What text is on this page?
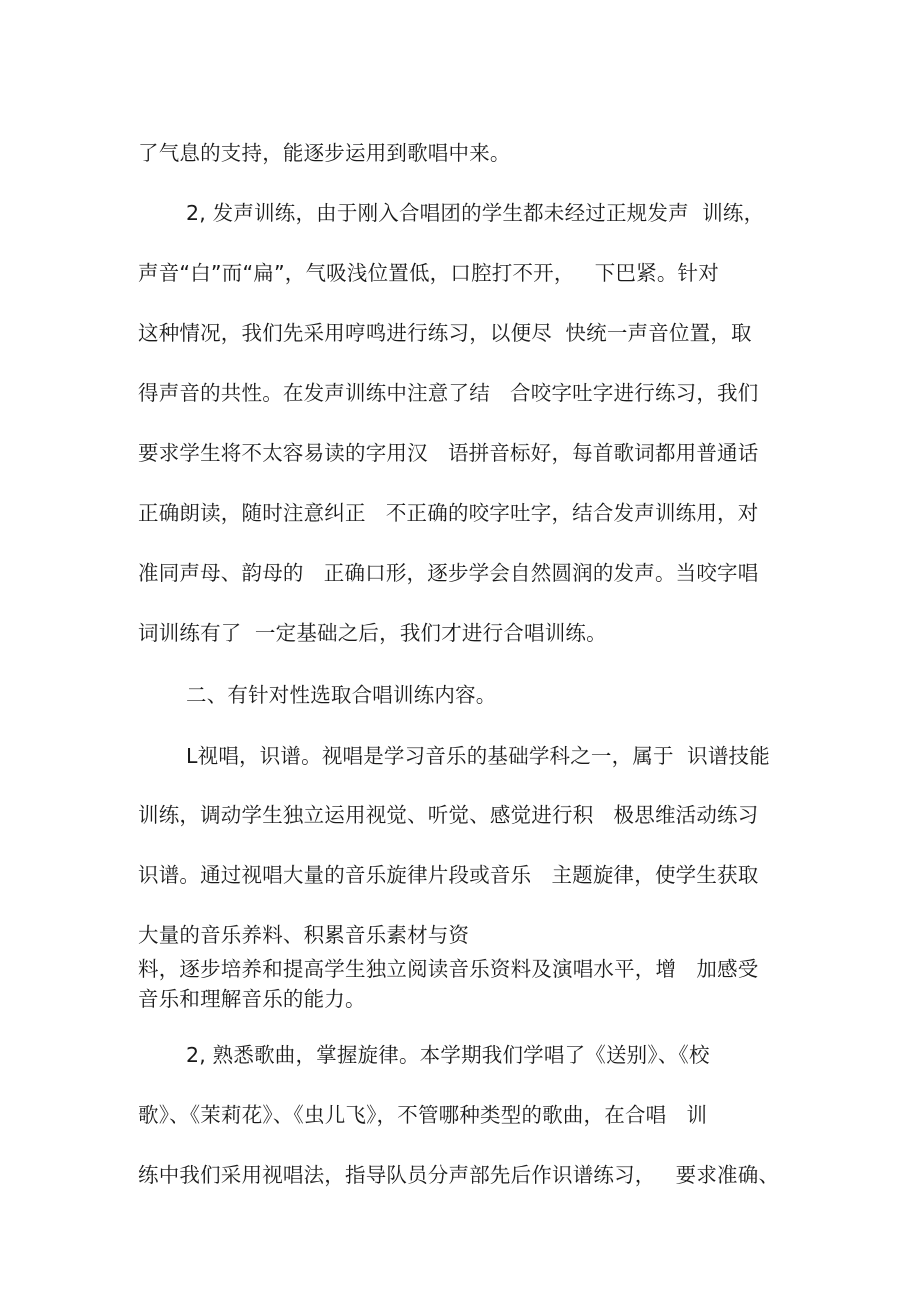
了气息的支持，能逐步运用到歌唱中来。
2, 发声训练，由于刚入合唱团的学生都未经过正规发声  训练，
声音“白”而“扁”，气吸浅位置低，口腔打不开，   下巴紧。针对
这种情况，我们先采用哼鸣进行练习，以便尽  快统一声音位置，取
得声音的共性。在发声训练中注意了结   合咬字吐字进行练习，我们
要求学生将不太容易读的字用汉   语拼音标好，每首歌词都用普通话
正确朗读，随时注意纠正   不正确的咬字吐字，结合发声训练用，对
准同声母、韵母的   正确口形，逐步学会自然圆润的发声。当咬字唱
词训练有了  一定基础之后，我们才进行合唱训练。
二、有针对性选取合唱训练内容。
L视唱，识谱。视唱是学习音乐的基础学科之一，属于  识谱技能
训练，调动学生独立运用视觉、听觉、感觉进行积   极思维活动练习
识谱。通过视唱大量的音乐旋律片段或音乐   主题旋律，使学生获取
大量的音乐养料、积累音乐素材与资
料，逐步培养和提高学生独立阅读音乐资料及演唱水平，增   加感受
音乐和理解音乐的能力。
2, 熟悉歌曲，掌握旋律。本学期我们学唱了《送别》、《校
歌》、《茉莉花》、《虫儿飞》，不管哪种类型的歌曲，在合唱   训
练中我们采用视唱法，指导队员分声部先后作识谱练习，   要求准确、
